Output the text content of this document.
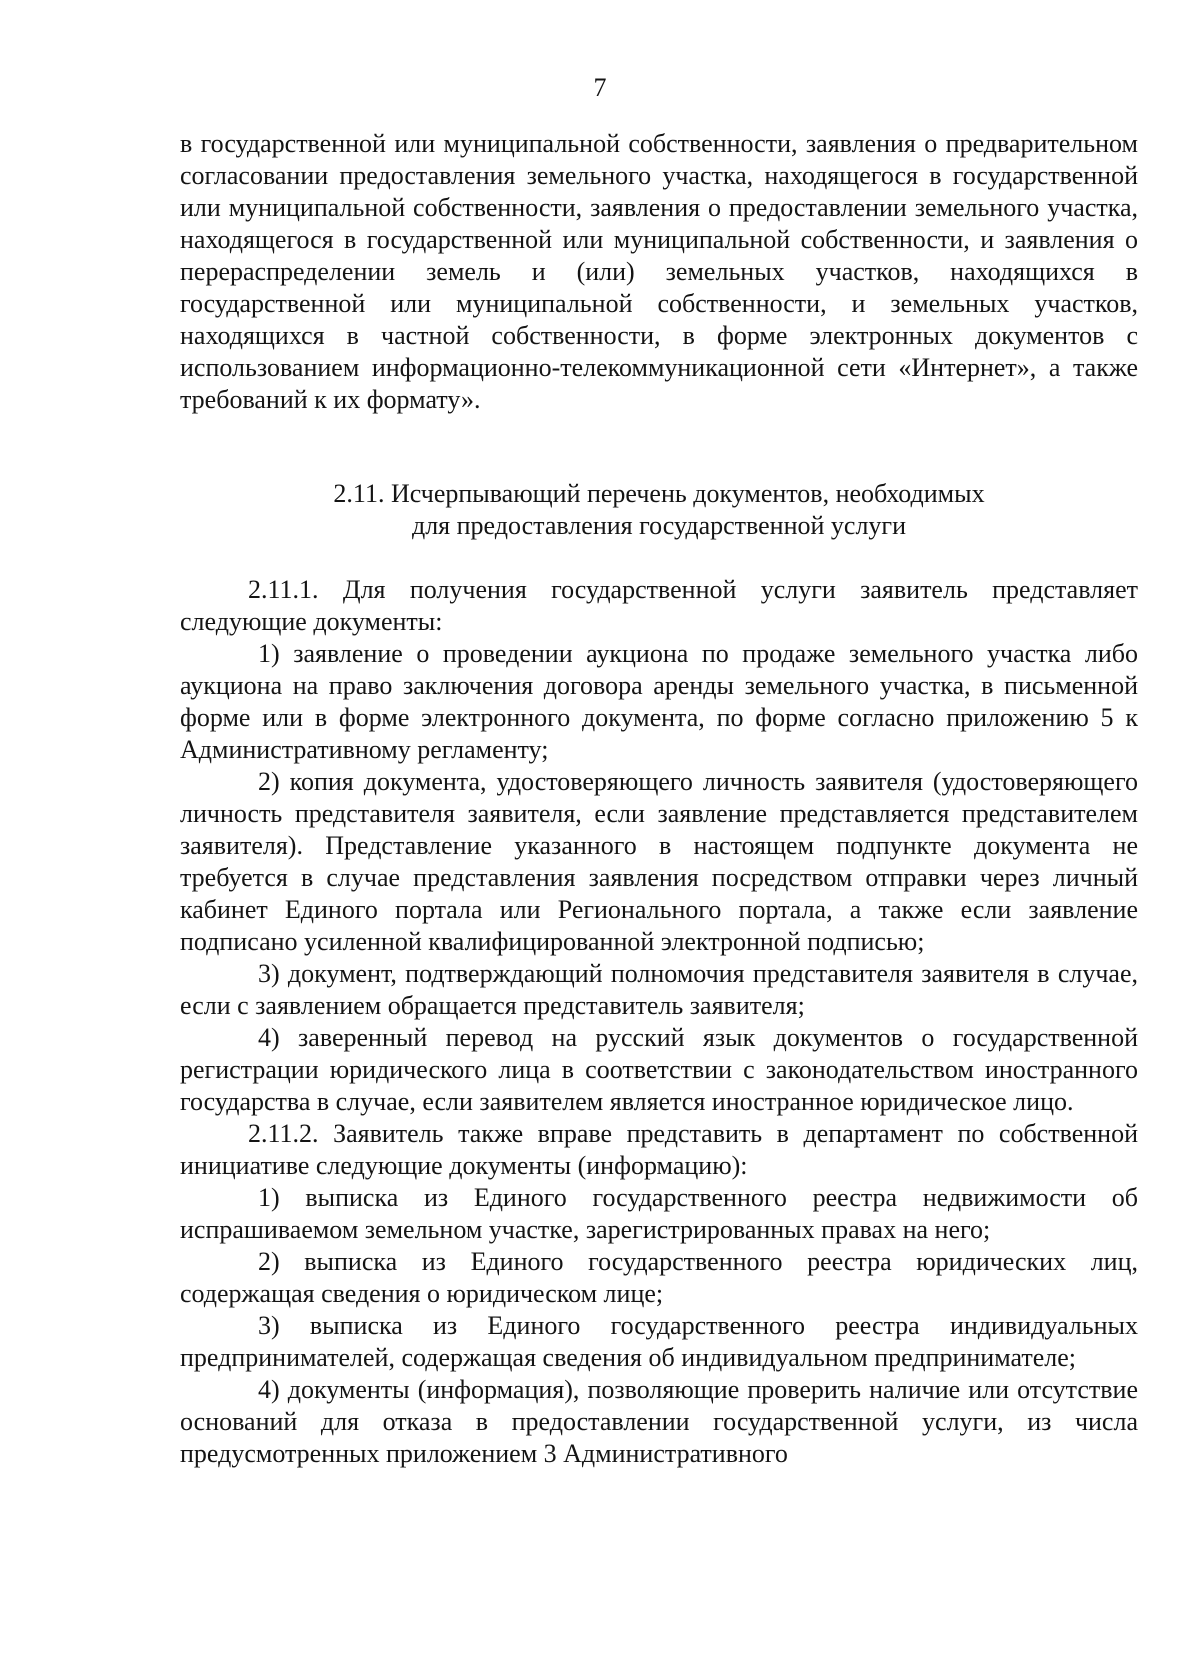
7

в государственной или муниципальной собственности, заявления о предварительном согласовании предоставления земельного участка, находящегося в государственной или муниципальной собственности, заявления о предоставлении земельного участка, находящегося в государственной или муниципальной собственности, и заявления о перераспределении земель и (или) земельных участков, находящихся в государственной или муниципальной собственности, и земельных участков, находящихся в частной собственности, в форме электронных документов с использованием информационно-телекоммуникационной сети «Интернет», а также требований к их формату».

2.11. Исчерпывающий перечень документов, необходимых
для предоставления государственной услуги

2.11.1. Для получения государственной услуги заявитель представляет следующие документы:

1) заявление о проведении аукциона по продаже земельного участка либо аукциона на право заключения договора аренды земельного участка, в письменной форме или в форме электронного документа, по форме согласно приложению 5 к Административному регламенту;

2) копия документа, удостоверяющего личность заявителя (удостоверяющего личность представителя заявителя, если заявление представляется представителем заявителя). Представление указанного в настоящем подпункте документа не требуется в случае представления заявления посредством отправки через личный кабинет Единого портала или Регионального портала, а также если заявление подписано усиленной квалифицированной электронной подписью;

3) документ, подтверждающий полномочия представителя заявителя в случае, если с заявлением обращается представитель заявителя;

4) заверенный перевод на русский язык документов о государственной регистрации юридического лица в соответствии с законодательством иностранного государства в случае, если заявителем является иностранное юридическое лицо.

2.11.2. Заявитель также вправе представить в департамент по собственной инициативе следующие документы (информацию):

1) выписка из Единого государственного реестра недвижимости об испрашиваемом земельном участке, зарегистрированных правах на него;

2) выписка из Единого государственного реестра юридических лиц, содержащая сведения о юридическом лице;

3) выписка из Единого государственного реестра индивидуальных предпринимателей, содержащая сведения об индивидуальном предпринимателе;

4) документы (информация), позволяющие проверить наличие или отсутствие оснований для отказа в предоставлении государственной услуги, из числа предусмотренных приложением 3 Административного
